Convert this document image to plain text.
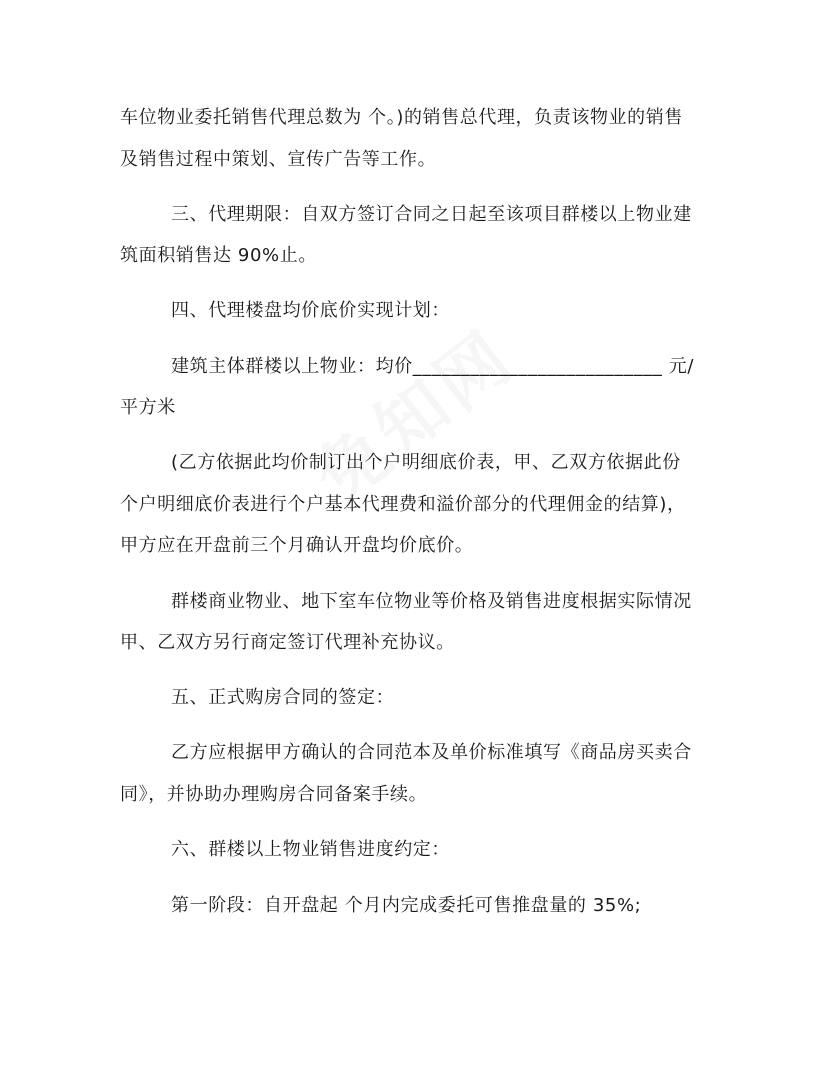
车位物业委托销售代理总数为 个。)的销售总代理，负责该物业的销售
及销售过程中策划、宣传广告等工作。
三、代理期限：自双方签订合同之日起至该项目群楼以上物业建
筑面积销售达 90%止。
四、代理楼盘均价底价实现计划：
建筑主体群楼以上物业：均价__________________________ 元/
平方米
(乙方依据此均价制订出个户明细底价表，甲、乙双方依据此份
个户明细底价表进行个户基本代理费和溢价部分的代理佣金的结算)，
甲方应在开盘前三个月确认开盘均价底价。
群楼商业物业、地下室车位物业等价格及销售进度根据实际情况
甲、乙双方另行商定签订代理补充协议。
五、正式购房合同的签定：
乙方应根据甲方确认的合同范本及单价标准填写《商品房买卖合
同》，并协助办理购房合同备案手续。
六、群楼以上物业销售进度约定：
第一阶段：自开盘起 个月内完成委托可售推盘量的 35%;
